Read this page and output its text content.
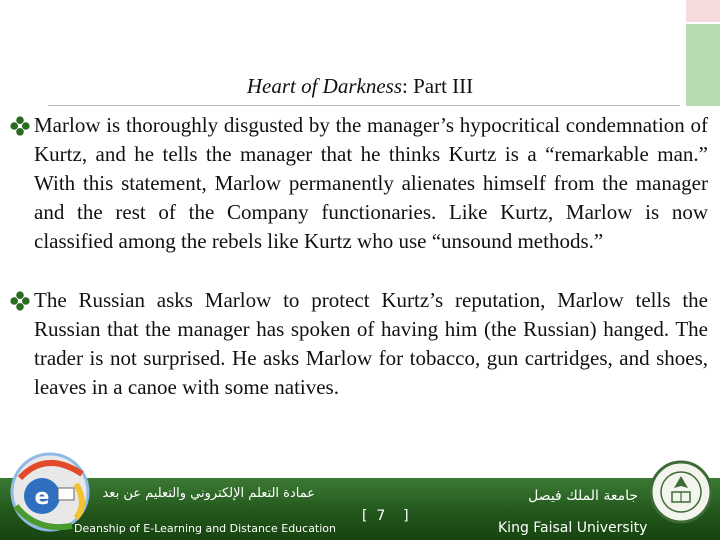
Heart of Darkness: Part III

Marlow is thoroughly disgusted by the manager’s hypocritical condemnation of Kurtz, and he tells the manager that he thinks Kurtz is a “remarkable man.” With this statement, Marlow permanently alienates himself from the manager and the rest of the Company functionaries. Like Kurtz, Marlow is now classified among the rebels like Kurtz who use “unsound methods.”

The Russian asks Marlow to protect Kurtz’s reputation, Marlow tells the Russian that the manager has spoken of having him (the Russian) hanged. The trader is not surprised. He asks Marlow for tobacco, gun cartridges, and shoes, leaves in a canoe with some natives.

e	عمادة التعلم الإلكتروني والتعليم عن بعد
Deanship of E-Learning and Distance Education
[ 7 ]
جامعة الملك فيصل
King Faisal University
